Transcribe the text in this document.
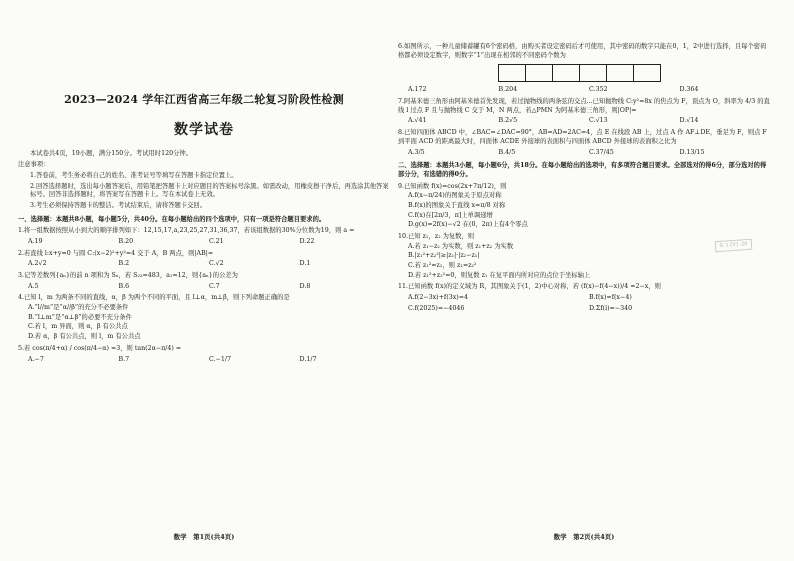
2023—2024 学年江西省高三年级二轮复习阶段性检测
数学试卷
本试卷共4页，19小题，满分150分。考试用时120分钟。
注意事项：
1.答卷前，考生务必将自己的姓名、准考证号等填写在答题卡指定位置上。
2.回答选择题时，选出每小题答案后，用铅笔把答题卡上对应题目的答案标号涂黑。如需改动，用橡皮擦干净后，再选涂其他答案标号。回答非选择题时，将答案写在答题卡上。写在本试卷上无效。
3.考生必须保持答题卡的整洁。考试结束后，请将答题卡交回。
一、选择题：本题共8小题，每小题5分，共40分。在每小题给出的四个选项中，只有一项是符合题目要求的。
1.将一组数据按照从小到大的顺序排列如下：12,15,17,a,23,25,27,31,36,37，若该组数据的30%分位数为19，则 a =
A.19	B.20	C.21	D.22
2.若直线 l:x+y=0 与圆 C:(x−2)²+y²=4 交于 A，B 两点，则|AB|=
A.2√2	B.2	C.√2	D.1
3.记等差数列{aₙ}的前 n 项和为 Sₙ，若 S₂₃=483，a₁=12，则{aₙ}的公差为
A.5	B.6	C.7	D.8
4.已知 l，m 为两条不同的直线，α，β 为两个不同的平面，且 l⊥α，m⊥β，则下列命题正确的是
A.“l//m”是“α//β”的充分不必要条件
B.“l⊥m”是“α⊥β”的必要不充分条件
C.若 l，m 异面，则 α，β 有公共点
D.若 α，β 有公共点，则 l，m 有公共点
5.若 cos(π/4+α) / cos(π/4−α) =3，则 tan(2α−π/4) =
A.−7	B.7	C.−1/7	D.1/7
数学　第1页(共4页)
6.如图所示，一种儿童储蓄罐有6个密码格，由购买者设定密码后才可使用，其中密码的数字只能在0，1，2中进行选择，且每个密码格都必须设定数字，则数字“1”出现在相邻的不同密码个数为
A.172	B.204	C.352	D.364
7.阿基米德三角形由阿基米德首先发现，若过抛物线的两条弦的交点...已知抛物线 C:y²=8x 的焦点为 F，顶点为 O，斜率为 4/3 的直线 l 过点 F 且与抛物线 C 交于 M，N 两点，若△PMN 为阿基米德三角形，则|OP|=
A.√41	B.2√5	C.√13	D.√14
8.已知四面体 ABCD 中，∠BAC=∠DAC=90°，AB=AD=2AC=4，点 E 在线段 AB 上，过点 A 作 AF⊥DE，垂足为 F，则点 F 到平面 ACD 的距离最大时，四面体 ACDE 外接球的表面积与四面体 ABCD 外接球的表面积之比为
A.3/5	B.4/5	C.37/45	D.13/15
在 1 [V] -20
二、选择题：本题共3小题，每小题6分，共18分。在每小题给出的选项中，有多项符合题目要求。全部选对的得6分，部分选对的得部分分，有选错的得0分。
9.已知函数 f(x)=cos(2x+7π/12)，则
A.f(x−π/24)的图象关于原点对称
B.f(x)的图象关于直线 x=π/8 对称
C.f(x)在[2π/3，π]上单调递增
D.g(x)=2f(x)−√2 在(0，2π)上有4个零点
10.已知 z₁，z₂ 为复数，则
A.若 z₁−z₂ 为实数，则 z₁+z₂ 为实数
B.|z₁²+z₂²|≥|z₁|·|z₂−z₁|
C.若 z₁²=z₂，则 z₁=z₂²
D.若 z₁²+z₂²=0，则复数 z₁ 在复平面内所对应的点位于坐标轴上
11.已知函数 f(x)的定义域为 R，其图象关于(1，2)中心对称，若 (f(x)−f(4−x))/4 =2−x，则
A.f(2−3x)+f(3x)=4	B.f(x)=f(x−4)
C.f(2025)=−4046	D.Σf(i)=−340
数学　第2页(共4页)
